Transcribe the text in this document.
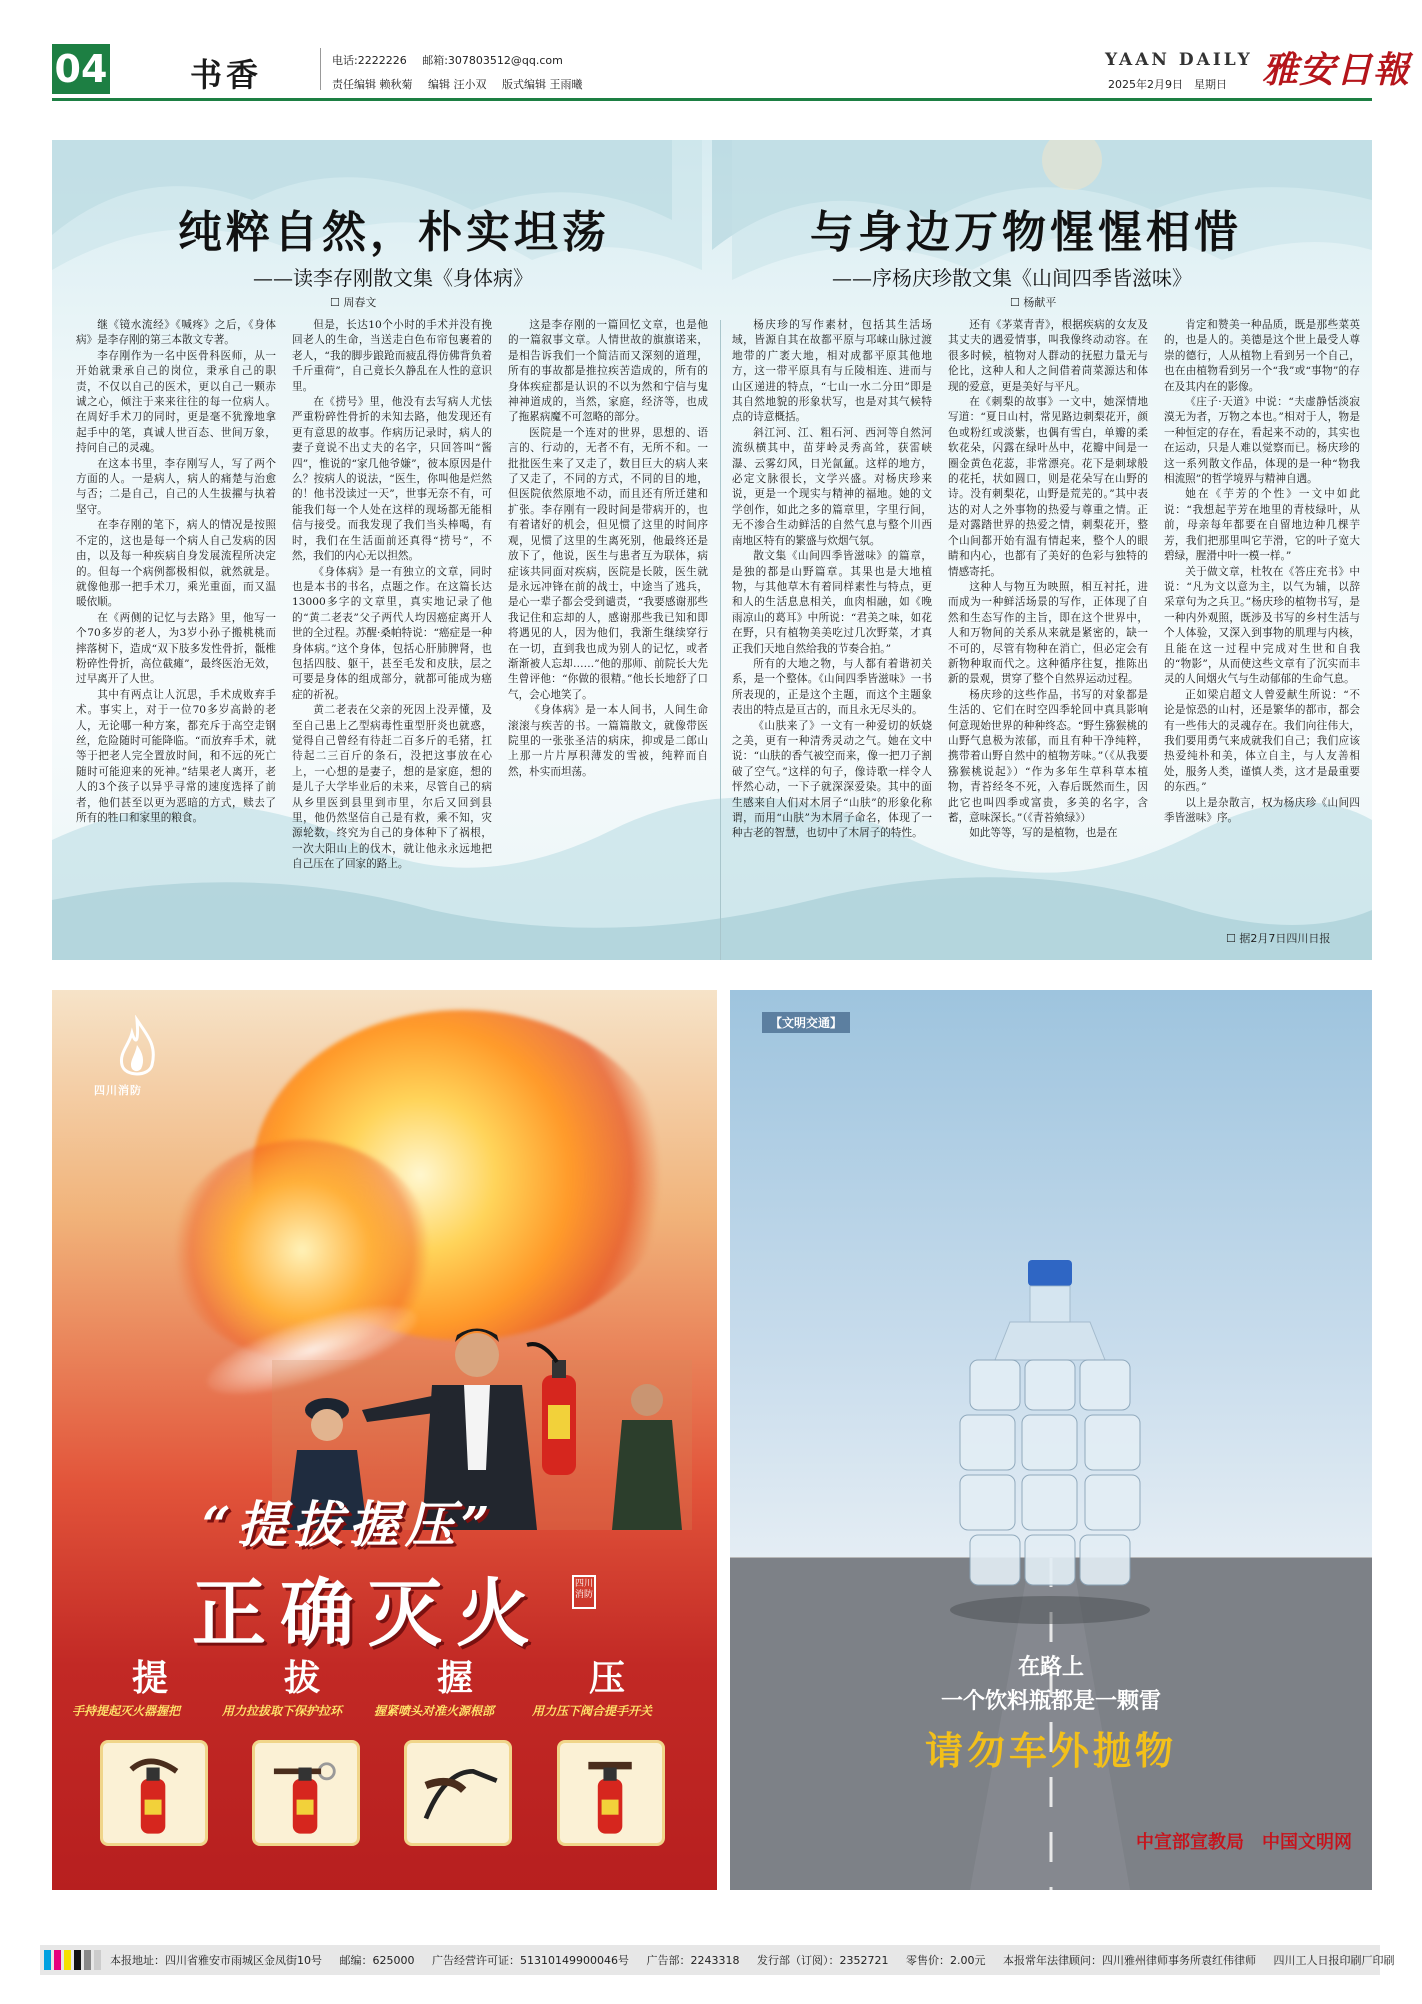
04	书香	电话:2222226 邮箱:307803512@qq.com
责任编辑 赖秋菊 编辑 汪小双 版式编辑 王雨曦
YAAN DAILY
2025年2月9日　星期日 雅安日報
纯粹自然，朴实坦荡
——读李存刚散文集《身体病》
☐ 周春文
与身边万物惺惺相惜
——序杨庆珍散文集《山间四季皆滋味》
☐ 杨献平

继《镜水流经》《喊疼》之后，《身体病》是李存刚的第三本散文专著。

李存刚作为一名中医骨科医师，从一开始就秉承自己的岗位，秉承自己的职责，不仅以自己的医术，更以自己一颗赤诚之心，倾注于来来往往的每一位病人。在周好手术刀的同时，更是毫不犹豫地拿起手中的笔，真诚人世百态、世间万象，持问自己的灵魂。

在这本书里，李存刚写人，写了两个方面的人。一是病人，病人的痛楚与治愈与否；二是自己，自己的人生拔擢与执着坚守。

在李存刚的笔下，病人的情况是按照不定的，这也是每一个病人自己发病的因由，以及每一种疾病自身发展流程所决定的。但每一个病例都极相似，就然就是。就像他那一把手术刀，乘光重面，而又温暖依顺。

在《两侧的记忆与去路》里，他写一个70多岁的老人，为3岁小孙子搬桃桃而摔落树下，造成“双下肢多发性骨折，骶椎粉碎性骨折，高位截瘫”，最终医治无效，过早离开了人世。

其中有两点让人沉思，手术成败弃手术。事实上，对于一位70多岁高龄的老人，无论哪一种方案，都充斥于高空走钢丝，危险随时可能降临。“而放弃手术，就等于把老人完全置放时间，和不远的死亡随时可能迎来的死神。”结果老人离开，老人的3个孩子以异乎寻常的速度选择了前者，他们甚至以更为恶暗的方式，赎去了所有的牲口和家里的粮食。

但是，长达10个小时的手术并没有挽回老人的生命，当送走白色布帘包裹着的老人，“我的脚步踉跄而疲乱得仿佛背负着千斤重荷”，自己竟长久静乱在人性的意识里。

在《捞号》里，他没有去写病人尤怯严重粉碎性骨折的未知去路，他发现还有更有意思的故事。作病历记录时，病人的妻子竟说不出丈夫的名字，只回答叫“酱四”，惟说的“家几他爷嫌”，彼本原因是什么？按病人的说法，“医生，你叫他是烂然的！他书没读过一天”，世事无奈不有，可能我们每一个人处在这样的现场都无能相信与接受。而我发现了我们当头棒喝，有时，我们在生活面前还真得“捞号”，不然，我们的内心无以担然。

《身体病》是一有独立的文章，同时也是本书的书名，点题之作。在这篇长达13000多字的文章里，真实地记录了他的“黄二老表”父子两代人均因癌症离开人世的全过程。苏醒·桑帕特说：“癌症是一种身体病。”这个身体，包括心肝肺脾肾，也包括四肢、躯干，甚至毛发和皮肤，层之可要是身体的组成部分，就都可能成为癌症的祈祝。

黄二老表在父亲的死因上没弄懂，及至自己患上乙型病毒性重型肝炎也就惑，觉得自己曾经有待赶二百多斤的毛猪，扛待起二三百斤的条石，没把这事放在心上，一心想的是妻子，想的是家庭，想的是儿子大学毕业后的未来，尽管自己的病从乡里医到县里到市里，尔后又回到县里，他仍然坚信自己是有救，乘不知，灾源轮数，终究为自己的身体种下了祸根，一次大阳山上的伐木，就让他永永远地把自己压在了回家的路上。

这是李存刚的一篇回忆文章，也是他的一篇叙事文章。人情世故的旗旗诺来，是相告诉我们一个简洁而又深刻的道理，所有的事故都是推拉疾苦造成的，所有的身体疾症都是认识的不以为然和宁信与鬼神神道成的，当然，家庭，经济等，也成了拖累病魔不可忽略的部分。

医院是一个连对的世界，思想的、语言的、行动的，无者不有，无所不和。一批批医生来了又走了，数目巨大的病人来了又走了，不同的方式，不同的目的地，但医院依然原地不动，而且还有所迁建和扩张。李存刚有一段时间是带病开的，也有着诸好的机会，但见惯了这里的时间序观，见惯了这里的生离死别，他最终还是放下了，他说，医生与患者互为联体，病症该共同面对疾病，医院是长陂，医生就是永远冲锋在前的战士，中途当了逃兵，是心一辈子都会受到谴责，“我要感谢那些我记住和忘却的人，感谢那些我已知和即将遇见的人，因为他们，我渐生继续穿行在一切，直到我也成为别人的记忆，或者渐渐被人忘却……”他的那师、前院长大先生曾评他：“你做的很精。”他长长地舒了口气，会心地笑了。

《身体病》是一本人间书，人间生命滚滚与疾苦的书。一篇篇散文，就像带医院里的一张张圣洁的病床，抑或是二郎山上那一片片厚积薄发的雪被，纯粹而自然，朴实而坦荡。

杨庆珍的写作素材，包括其生活场域，皆源自其在故都平原与邛崃山脉过渡地带的广袤大地，相对成都平原其他地方，这一带平原具有与丘陵相连、进而与山区递进的特点，“七山一水二分田”即是其自然地貌的形象状写，也是对其气候特点的诗意概括。

斜江河、江、粗石河、西河等自然河流纵横其中，苗芽岭灵秀高耸，获雷峡瀑、云雾幻风，日光氤氲。这样的地方，必定文脉很长，文学兴盛。对杨庆珍来说，更是一个现实与精神的福地。她的文学创作，如此之多的篇章里，字里行间，无不渗合生动鲜活的自然气息与整个川西南地区特有的繁盛与炊烟气氛。

散文集《山间四季皆滋味》的篇章，是独的都是山野篇章。其果也是大地植物，与其他草木有着同样素性与特点，更和人的生活息息相关，血肉相融，如《晚雨凉山的葛耳》中所说：“君美之味，如花在野，只有植物美美吃过几次野菜，才真正我们天地自然给我的节奏合拍。”

所有的大地之物，与人都有着谐初关系，是一个整体。《山间四季皆滋味》一书所表现的，正是这个主题，而这个主题象表出的特点是亘古的，而且永无尽头的。

《山肤来了》一文有一种爱切的妖娆之美，更有一种清秀灵动之气。她在文中说：“山肤的香气被空而来，像一把刀子割破了空气。”这样的句子，像诗歌一样令人怦然心动，一下子就深深爱染。其中的面生感来自人们对木屑子“山肤”的形象化称谓，而用“山肤”为木屑子命名，体现了一种古老的智慧，也切中了木屑子的特性。

还有《茅菜青青》，根据疾病的女友及其丈夫的遇爱情事，叫我像终动动容。在很多时候，植物对人群动的抚慰力量无与伦比，这种人和人之间借着茼菜源达和体现的爱意，更是美好与平凡。

在《刺梨的故事》一文中，她深情地写道：“夏日山村，常见路边刺梨花开，颜色或粉红或淡紫，也偶有雪白，单瓣的柔软花朵，闪露在绿叶丛中，花瓣中间是一圈金黄色花蕊，非常漂亮。花下是刺球般的花托，状如圆口，则是花朵写在山野的诗。没有刺梨花，山野是荒芜的。”其中表达的对人之外事物的热爱与尊重之情。正是对露踏世界的热爱之情，刺梨花开，整个山间都开始有温有情起来，整个人的眼睛和内心，也都有了美好的色彩与独特的情感寄托。

这种人与物互为映照，相互衬托，进而成为一种鲜活场景的写作，正体现了自然和生态写作的主旨，即在这个世界中，人和万物间的关系从来就是紧密的，缺一不可的，尽管有物种在消亡，但必定会有新物种取而代之。这种循序往复，推陈出新的景观，贯穿了整个自然界运动过程。

杨庆珍的这些作品，书写的对象都是生活的、它们在时空四季轮回中真具影响何意现始世界的种种终态。“野生猕猴桃的山野气息极为浓郁，而且有种干净纯粹，携带着山野自然中的植物芳味。”（《从我要猕猴桃说起》）“作为多年生草科草本植物，青苔经冬不死，入春后既然而生，因此它也叫四季或富贵，多美的名字，含蓄，意味深长。”（《青苔飨绿》）

如此等等，写的是植物，也是在

肯定和赞美一种品质，既是那些菜英的，也是人的。美德是这个世上最受人尊崇的德行，人从植物上看到另一个自己，也在由植物看到另一个“我”或“事物”的存在及其内在的影像。

《庄子·天道》中说：“夫虚静恬淡寂漠无为者，万物之本也。”相对于人，物是一种恒定的存在，看起来不动的，其实也在运动，只是人难以觉察而已。杨庆珍的这一系列散文作品，体现的是一种“物我相流照”的哲学境界与精神自遇。

她在《芋芳的个性》一文中如此说：“我想起芋芳在地里的青枝绿叶，从前，母亲每年都要在自留地边种几棵芋芳，我们把那里叫它芋滑，它的叶子宽大碧绿，腥滑中叶一模一样。”

关于做文章，杜牧在《答庄充书》中说：“凡为文以意为主，以气为辅，以辞采章句为之兵卫。”杨庆珍的植物书写，是一种内外观照，既涉及书写的乡村生活与个人体验，又深入到事物的肌理与内核，且能在这一过程中完成对生世和自我的“物影”，从而使这些文章有了沉实而丰灵的人间烟火气与生动郁郁的生命气息。

正如梁启超文人曾爱献生所说：“不论是惊恐的山村，还是繁华的都市，都会有一些伟大的灵魂存在。我们向往伟大，我们要用勇气来成就我们自己；我们应该热爱纯朴和美，体立自主，与人友善相处，服务人类，谨慎人类，这才是最重要的东西。”

以上是杂散言，权为杨庆珍《山间四季皆滋味》序。

☐ 据2月7日四川日报
四川消防
“提拔握压”
正确灭火	四川消防
提	拔	握	压
手持提起灭火器握把	用力拉拔取下保护拉环	握紧喷头对准火源根部	用力压下阀合提手开关
【文明交通】
在路上
一个饮料瓶都是一颗雷
请勿车外抛物
中宣部宣教局　中国文明网
本报地址：四川省雅安市雨城区金凤街10号 邮编：625000 广告经营许可证：51310149900046号 广告部：2243318 发行部（订阅）：2352721 零售价：2.00元 本报常年法律顾问：四川雅州律师事务所袁红伟律师 四川工人日报印刷厂印刷
